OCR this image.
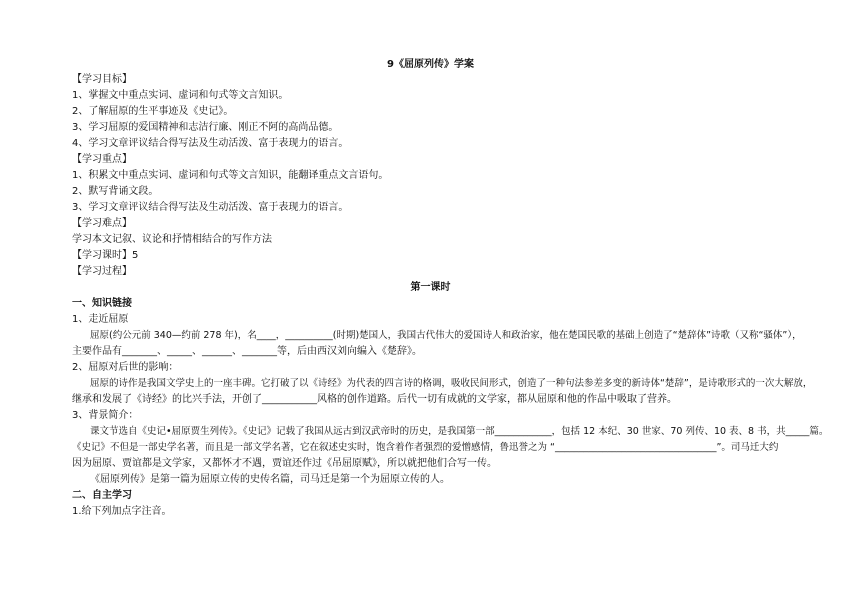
9《屈原列传》学案
【学习目标】
1、掌握文中重点实词、虚词和句式等文言知识。
2、了解屈原的生平事迹及《史记》。
3、学习屈原的爱国精神和志洁行廉、刚正不阿的高尚品德。
4、学习文章评议结合得写法及生动活泼、富于表现力的语言。
【学习重点】
1、积累文中重点实词、虚词和句式等文言知识，能翻译重点文言语句。
2、默写背诵文段。
3、学习文章评议结合得写法及生动活泼、富于表现力的语言。
【学习难点】
学习本文记叙、议论和抒情相结合的写作方法
【学习课时】5
【学习过程】
第一课时
一、知识链接
1、走近屈原
屈原(约公元前 340—约前 278 年)，名____，__________(时期)楚国人，我国古代伟大的爱国诗人和政治家，他在楚国民歌的基础上创造了“楚辞体”诗歌（又称“骚体”），
主要作品有_______、_____、______、_______等，后由西汉刘向编入《楚辞》。
2、屈原对后世的影响：
屈原的诗作是我国文学史上的一座丰碑。它打破了以《诗经》为代表的四言诗的格调，吸收民间形式，创造了一种句法参差多变的新诗体“楚辞”，是诗歌形式的一次大解放，
继承和发展了《诗经》的比兴手法，开创了___________风格的创作道路。后代一切有成就的文学家，都从屈原和他的作品中吸取了营养。
3、背景简介：
课文节选自《史记•屈原贾生列传》。《史记》记载了我国从远古到汉武帝时的历史，是我国第一部____________，包括 12 本纪、30 世家、70 列传、10 表、8 书，共_____篇。
《史记》不但是一部史学名著，而且是一部文学名著，它在叙述史实时，饱含着作者强烈的爱憎感情，鲁迅誉之为 “__________________________________”。司马迁大约
因为屈原、贾谊都是文学家，又都怀才不遇，贾谊还作过《吊屈原赋》，所以就把他们合写一传。
《屈原列传》是第一篇为屈原立传的史传名篇，司马迁是第一个为屈原立传的人。
二、自主学习
1.给下列加点字注音。
